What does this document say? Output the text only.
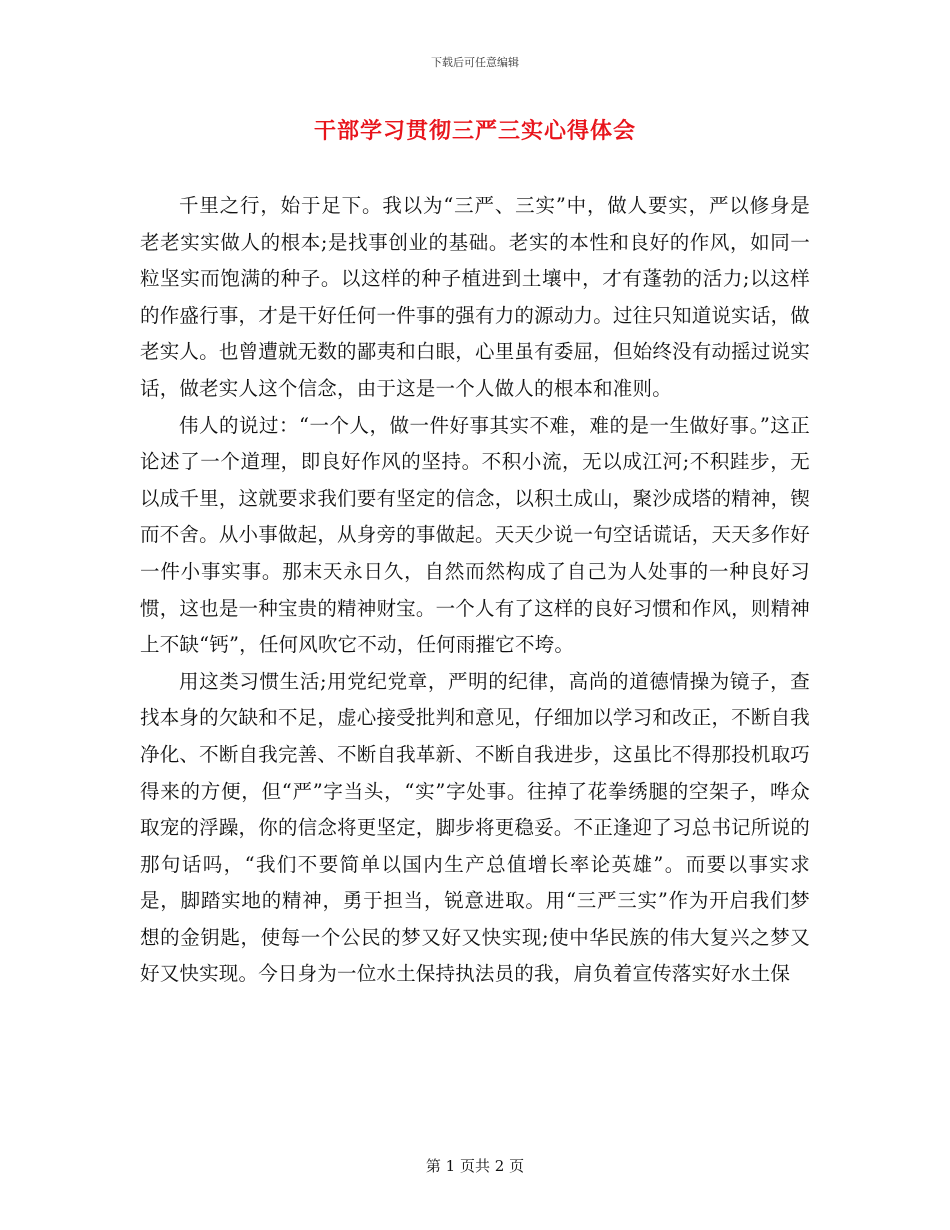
下载后可任意编辑
干部学习贯彻三严三实心得体会

千里之行，始于足下。我以为“三严、三实”中，做人要实，严以修身是老老实实做人的根本;是找事创业的基础。老实的本性和良好的作风，如同一粒坚实而饱满的种子。以这样的种子植进到土壤中，才有蓬勃的活力;以这样的作盛行事，才是干好任何一件事的强有力的源动力。过往只知道说实话，做老实人。也曾遭就无数的鄙夷和白眼，心里虽有委屈，但始终没有动摇过说实话，做老实人这个信念，由于这是一个人做人的根本和准则。

伟人的说过：“一个人，做一件好事其实不难，难的是一生做好事。”这正论述了一个道理，即良好作风的坚持。不积小流，无以成江河;不积跬步，无以成千里，这就要求我们要有坚定的信念，以积土成山，聚沙成塔的精神，锲而不舍。从小事做起，从身旁的事做起。天天少说一句空话谎话，天天多作好一件小事实事。那末天永日久，自然而然构成了自己为人处事的一种良好习惯，这也是一种宝贵的精神财宝。一个人有了这样的良好习惯和作风，则精神上不缺“钙”，任何风吹它不动，任何雨摧它不垮。

用这类习惯生活;用党纪党章，严明的纪律，高尚的道德情操为镜子，查找本身的欠缺和不足，虚心接受批判和意见，仔细加以学习和改正，不断自我净化、不断自我完善、不断自我革新、不断自我进步，这虽比不得那投机取巧得来的方便，但“严”字当头，“实”字处事。往掉了花拳绣腿的空架子，哗众取宠的浮躁，你的信念将更坚定，脚步将更稳妥。不正逢迎了习总书记所说的那句话吗，“我们不要简单以国内生产总值增长率论英雄”。而要以事实求是，脚踏实地的精神，勇于担当，锐意进取。用“三严三实”作为开启我们梦想的金钥匙，使每一个公民的梦又好又快实现;使中华民族的伟大复兴之梦又好又快实现。今日身为一位水土保持执法员的我，肩负着宣传落实好水土保

第 1 页共 2 页
